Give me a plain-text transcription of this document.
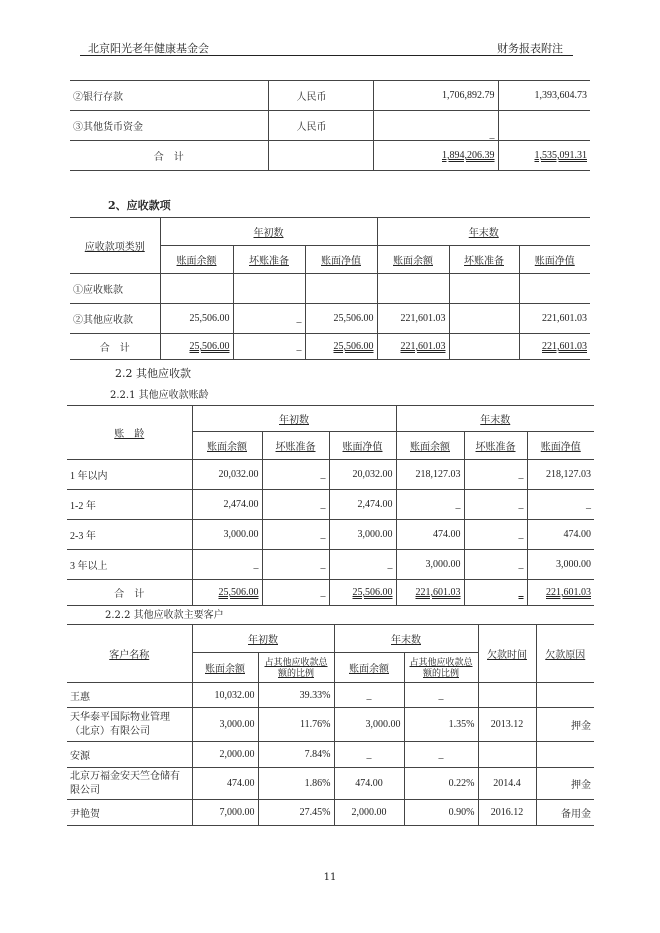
北京阳光老年健康基金会	财务报表附注
②银行存款	人民币	1,706,892.79	1,393,604.73
③其他货币资金	人民币	_	
合　计		1,894,206.39	1,535,091.31
2、应收款项
应收款项类别	年初数			年末数		
	账面余额	坏账准备	账面净值	账面余额	坏账准备	账面净值
①应收账款						
②其他应收款	25,506.00	_	25,506.00	221,601.03		221,601.03
合　计	25,506.00	_	25,506.00	221,601.03		221,601.03
2.2 其他应收款
2.2.1 其他应收款账龄
账　龄	年初数			年末数		
	账面余额	坏账准备	账面净值	账面余额	坏账准备	账面净值
1 年以内	20,032.00	_	20,032.00	218,127.03	_	218,127.03
1-2 年	2,474.00	_	2,474.00	_	_	_
2-3 年	3,000.00	_	3,000.00	474.00	_	474.00
3 年以上	_	_	_	3,000.00	_	3,000.00
合　计	25,506.00	_	25,506.00	221,601.03	_	221,601.03
2.2.2 其他应收款主要客户
客户名称	年初数		年末数		欠款时间	欠款原因
	账面余额	占其他应收款总额的比例	账面余额	占其他应收款总额的比例		
王惠	10,032.00	39.33%	_	_		
天华泰平国际物业管理（北京）有限公司	3,000.00	11.76%	3,000.00	1.35%	2013.12	押金
安源	2,000.00	7.84%	_	_		
北京万福金安天竺仓储有限公司	474.00	1.86%	474.00	0.22%	2014.4	押金
尹艳贺	7,000.00	27.45%	2,000.00	0.90%	2016.12	备用金
11
